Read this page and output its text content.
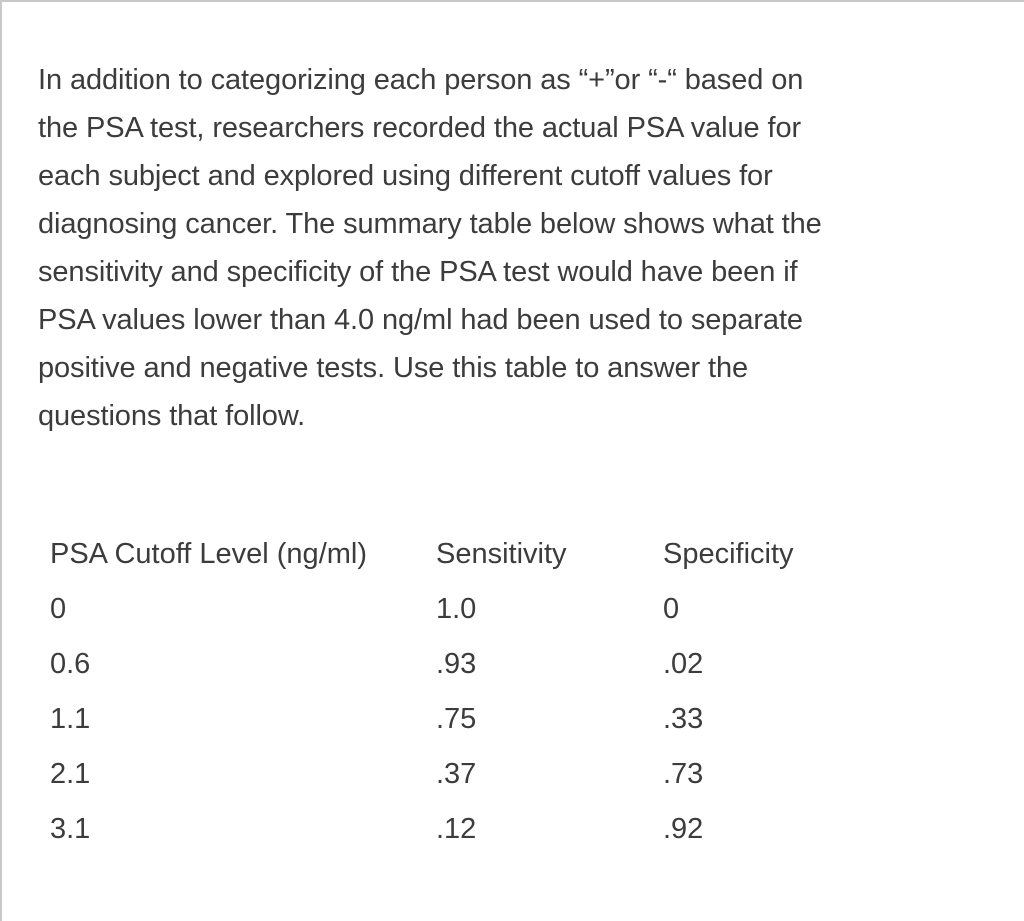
In addition to categorizing each person as “+”or “-“ based on
the PSA test, researchers recorded the actual PSA value for
each subject and explored using different cutoff values for
diagnosing cancer. The summary table below shows what the
sensitivity and specificity of the PSA test would have been if
PSA values lower than 4.0 ng/ml had been used to separate
positive and negative tests. Use this table to answer the
questions that follow.

PSA Cutoff Level (ng/ml)	Sensitivity	Specificity
0	1.0	0
0.6	.93	.02
1.1	.75	.33
2.1	.37	.73
3.1	.12	.92
